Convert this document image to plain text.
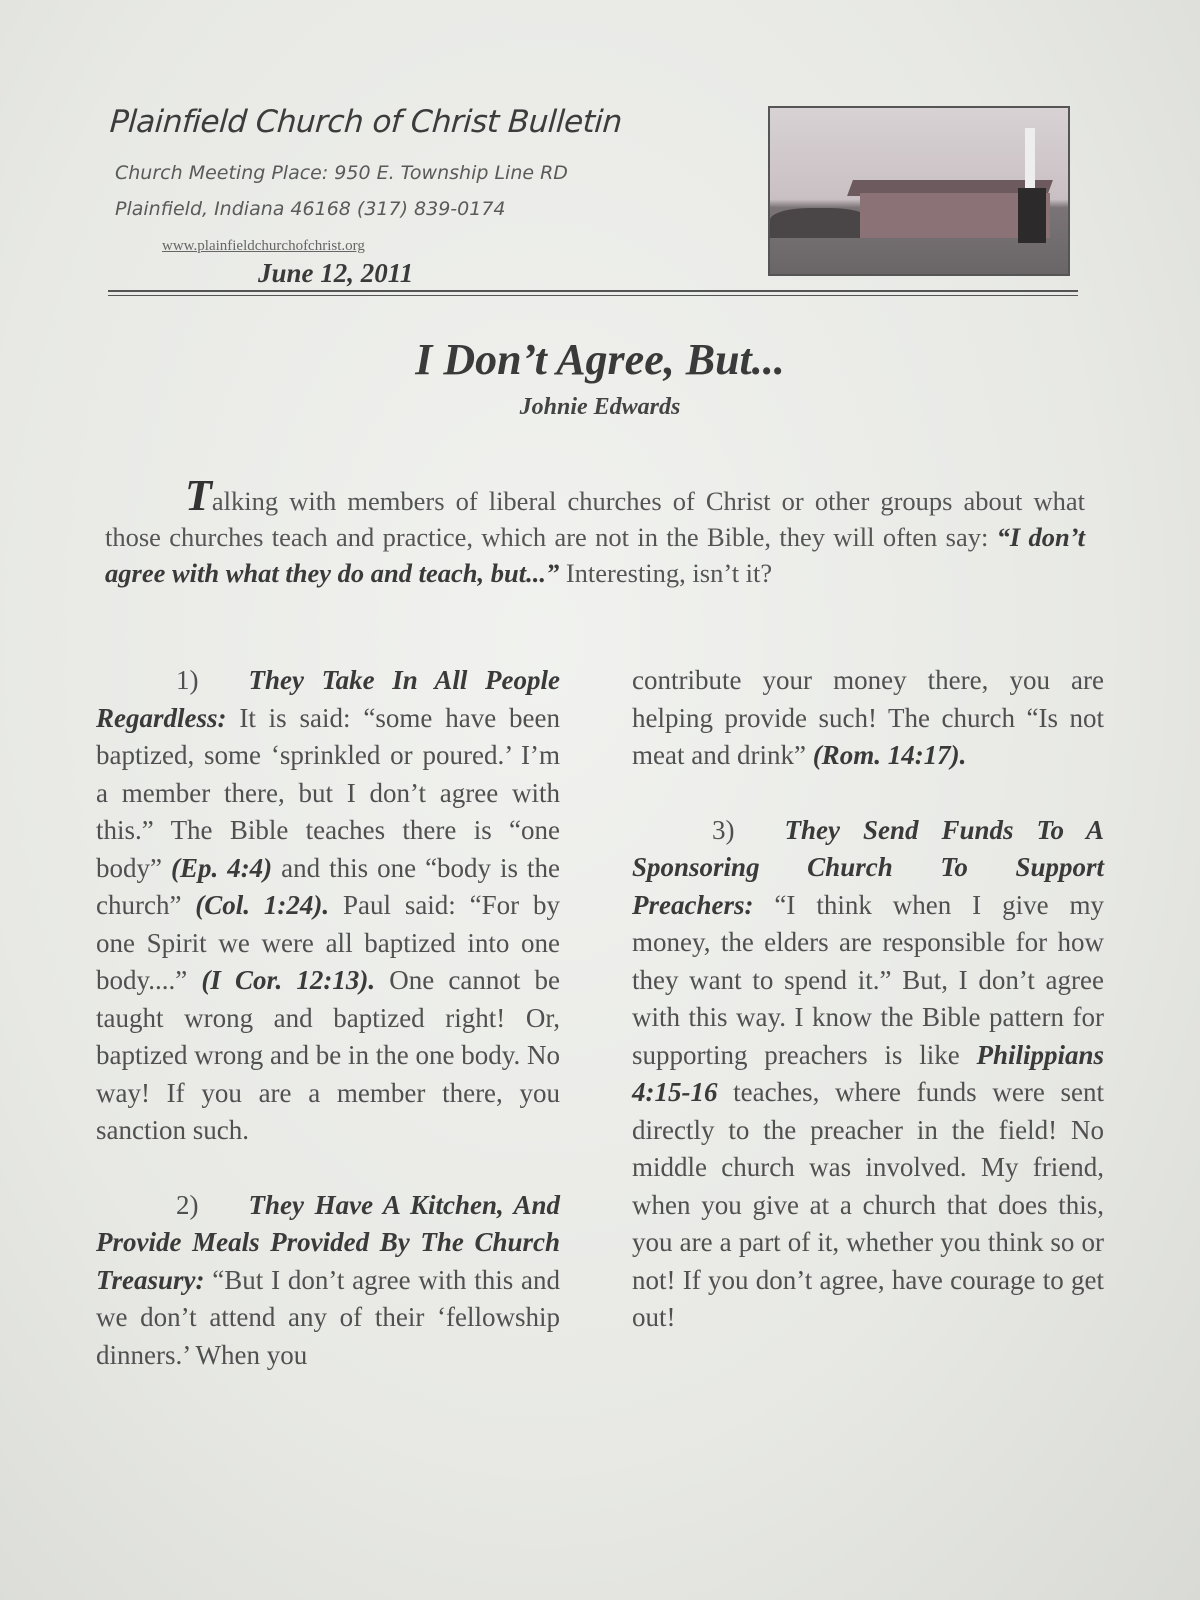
Plainfield Church of Christ Bulletin
Church Meeting Place: 950 E. Township Line RD
Plainfield, Indiana 46168 (317) 839-0174
www.plainfieldchurchofchrist.org
June 12, 2011
I Don’t Agree, But...
Johnie Edwards
Talking with members of liberal churches of Christ or other groups about what those churches teach and practice, which are not in the Bible, they will often say: “I don’t agree with what they do and teach, but...” Interesting, isn’t it?

1) They Take In All People Regardless: It is said: “some have been baptized, some ‘sprinkled or poured.’ I’m a member there, but I don’t agree with this.” The Bible teaches there is “one body” (Ep. 4:4) and this one “body is the church” (Col. 1:24). Paul said: “For by one Spirit we were all baptized into one body....” (I Cor. 12:13). One cannot be taught wrong and baptized right! Or, baptized wrong and be in the one body. No way! If you are a member there, you sanction such.

2) They Have A Kitchen, And Provide Meals Provided By The Church Treasury: “But I don’t agree with this and we don’t attend any of their ‘fellowship dinners.’ When you

contribute your money there, you are helping provide such! The church “Is not meat and drink” (Rom. 14:17).

3) They Send Funds To A Sponsoring Church To Support Preachers: “I think when I give my money, the elders are responsible for how they want to spend it.” But, I don’t agree with this way. I know the Bible pattern for supporting preachers is like Philippians 4:15-16 teaches, where funds were sent directly to the preacher in the field! No middle church was involved. My friend, when you give at a church that does this, you are a part of it, whether you think so or not! If you don’t agree, have courage to get out!
